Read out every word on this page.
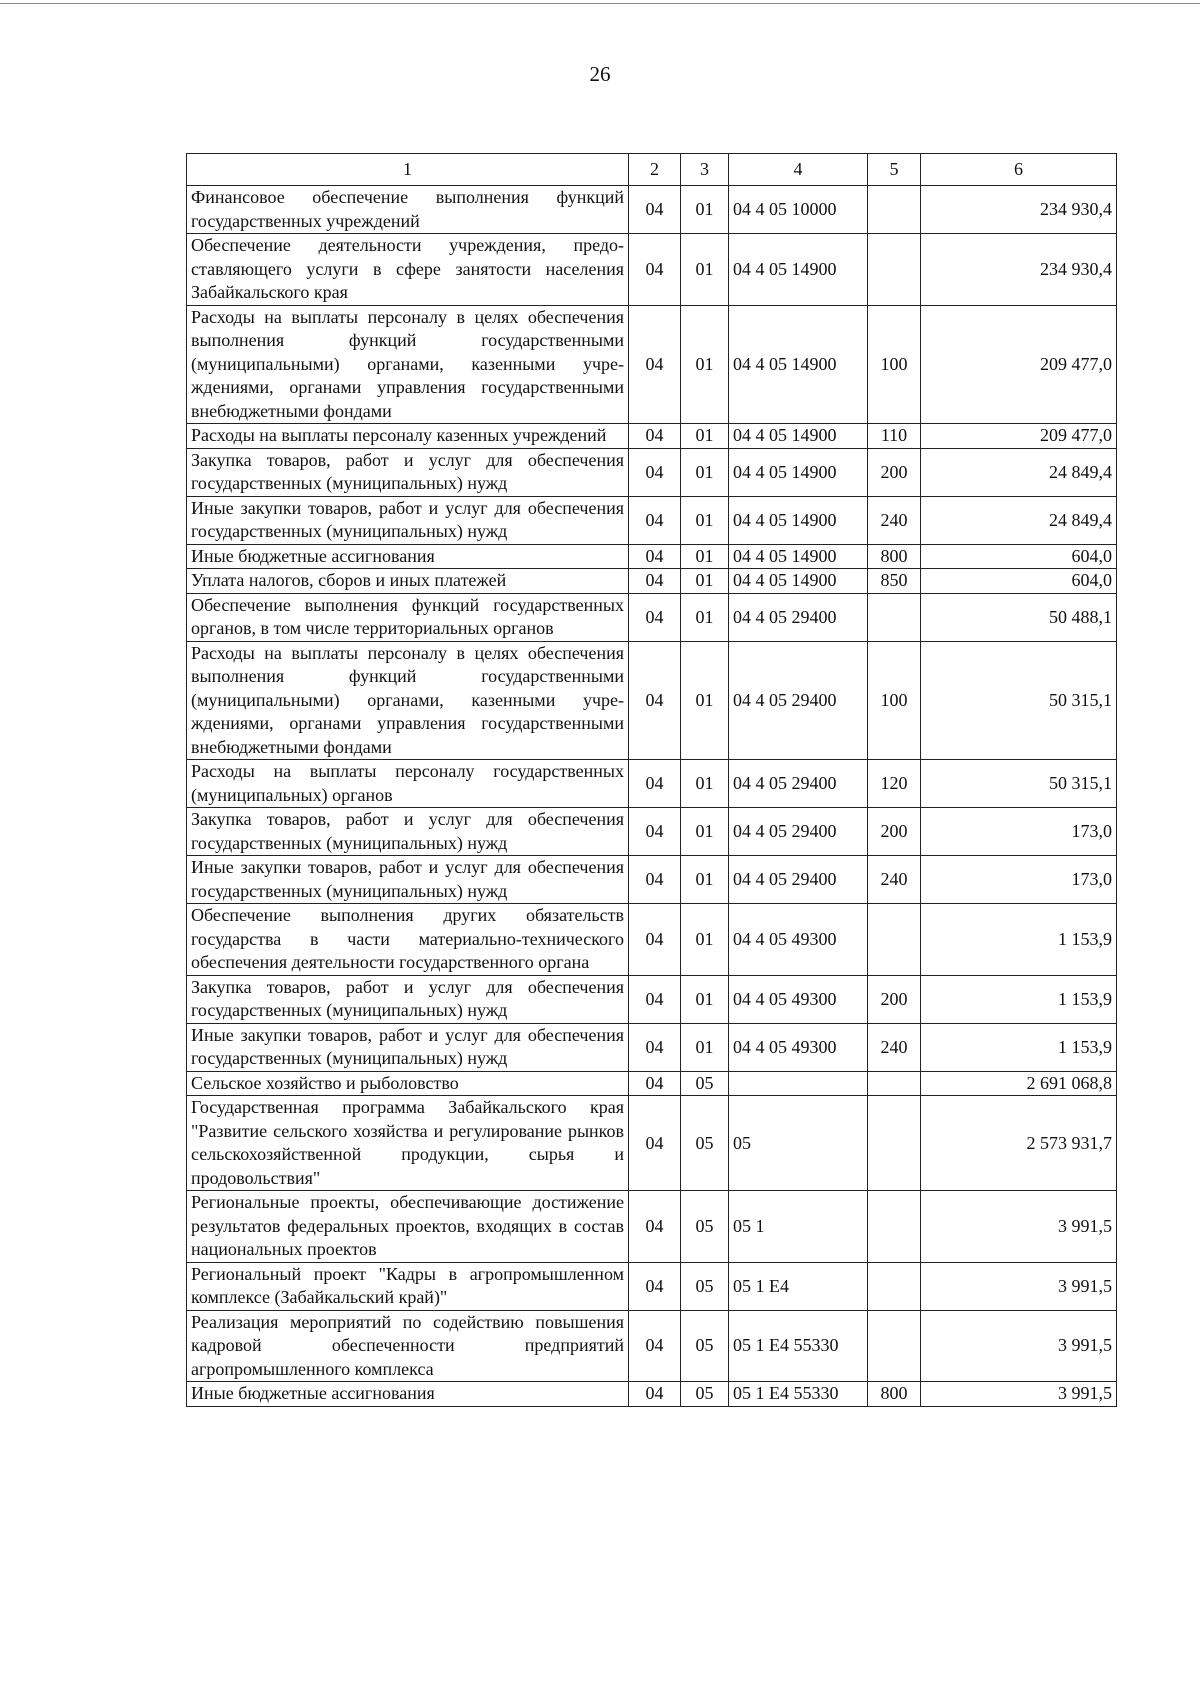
26
1	2	3	4	5	6
Финансовое обеспечение выполнения функций государственных учреждений	04	01	04 4 05 10000		234 930,4
Обеспечение деятельности учреждения, предоставляющего услуги в сфере занятости населения Забайкальского края	04	01	04 4 05 14900		234 930,4
Расходы на выплаты персоналу в целях обеспечения выполнения функций государственными (муниципальными) органами, казенными учреждениями, органами управления государственными внебюджетными фондами	04	01	04 4 05 14900	100	209 477,0
Расходы на выплаты персоналу казенных учреждений	04	01	04 4 05 14900	110	209 477,0
Закупка товаров, работ и услуг для обеспечения государственных (муниципальных) нужд	04	01	04 4 05 14900	200	24 849,4
Иные закупки товаров, работ и услуг для обеспечения государственных (муниципальных) нужд	04	01	04 4 05 14900	240	24 849,4
Иные бюджетные ассигнования	04	01	04 4 05 14900	800	604,0
Уплата налогов, сборов и иных платежей	04	01	04 4 05 14900	850	604,0
Обеспечение выполнения функций государственных органов, в том числе территориальных органов	04	01	04 4 05 29400		50 488,1
Расходы на выплаты персоналу в целях обеспечения выполнения функций государственными (муниципальными) органами, казенными учреждениями, органами управления государственными внебюджетными фондами	04	01	04 4 05 29400	100	50 315,1
Расходы на выплаты персоналу государственных (муниципальных) органов	04	01	04 4 05 29400	120	50 315,1
Закупка товаров, работ и услуг для обеспечения государственных (муниципальных) нужд	04	01	04 4 05 29400	200	173,0
Иные закупки товаров, работ и услуг для обеспечения государственных (муниципальных) нужд	04	01	04 4 05 29400	240	173,0
Обеспечение выполнения других обязательств государства в части материально-технического обеспечения деятельности государственного органа	04	01	04 4 05 49300		1 153,9
Закупка товаров, работ и услуг для обеспечения государственных (муниципальных) нужд	04	01	04 4 05 49300	200	1 153,9
Иные закупки товаров, работ и услуг для обеспечения государственных (муниципальных) нужд	04	01	04 4 05 49300	240	1 153,9
Сельское хозяйство и рыболовство	04	05			2 691 068,8
Государственная программа Забайкальского края "Развитие сельского хозяйства и регулирование рынков сельскохозяйственной продукции, сырья и продовольствия"	04	05	05		2 573 931,7
Региональные проекты, обеспечивающие достижение результатов федеральных проектов, входящих в состав национальных проектов	04	05	05 1		3 991,5
Региональный проект "Кадры в агропромышленном комплексе (Забайкальский край)"	04	05	05 1 E4		3 991,5
Реализация мероприятий по содействию повышения кадровой обеспеченности предприятий агропромышленного комплекса	04	05	05 1 E4 55330		3 991,5
Иные бюджетные ассигнования	04	05	05 1 E4 55330	800	3 991,5
